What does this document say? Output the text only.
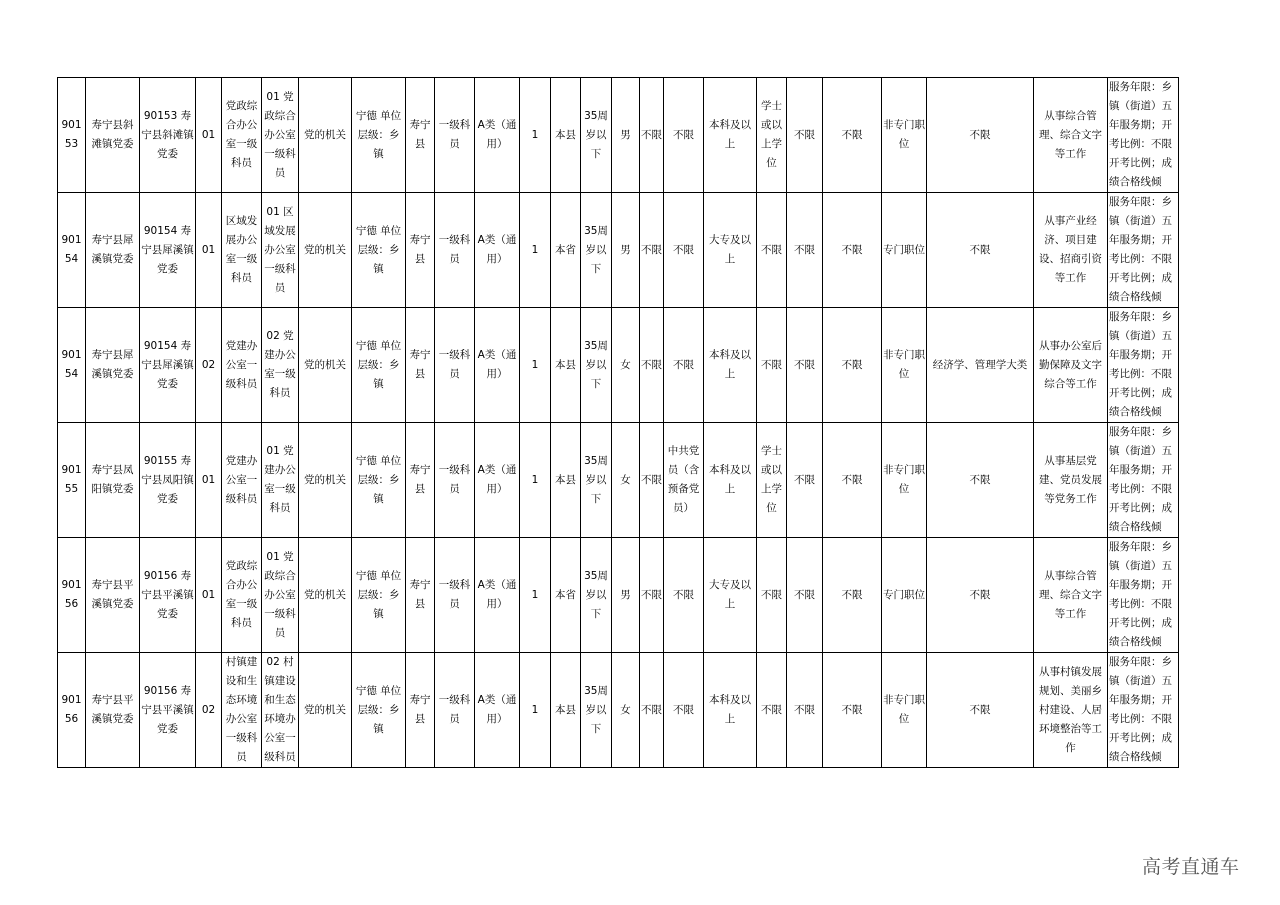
90153	寿宁县斜滩镇党委	90153 寿宁县斜滩镇党委	01	党政综合办公室一级科员	01 党政综合办公室一级科员	党的机关	宁德 单位层级：乡镇	寿宁县	一级科员	A类（通用）	1	本县	35周岁以下	男	不限	不限	本科及以上	学士或以上学位	不限	不限	非专门职位	不限	从事综合管理、综合文字等工作	服务年限：乡镇（街道）五年服务期；开考比例：不限开考比例；成绩合格线倾
90154	寿宁县犀溪镇党委	90154 寿宁县犀溪镇党委	01	区域发展办公室一级科员	01 区域发展办公室一级科员	党的机关	宁德 单位层级：乡镇	寿宁县	一级科员	A类（通用）	1	本省	35周岁以下	男	不限	不限	大专及以上	不限	不限	不限	专门职位	不限	从事产业经济、项目建设、招商引资等工作	服务年限：乡镇（街道）五年服务期；开考比例：不限开考比例；成绩合格线倾
90154	寿宁县犀溪镇党委	90154 寿宁县犀溪镇党委	02	党建办公室一级科员	02 党建办公室一级科员	党的机关	宁德 单位层级：乡镇	寿宁县	一级科员	A类（通用）	1	本县	35周岁以下	女	不限	不限	本科及以上	不限	不限	不限	非专门职位	经济学、管理学大类	从事办公室后勤保障及文字综合等工作	服务年限：乡镇（街道）五年服务期；开考比例：不限开考比例；成绩合格线倾
90155	寿宁县凤阳镇党委	90155 寿宁县凤阳镇党委	01	党建办公室一级科员	01 党建办公室一级科员	党的机关	宁德 单位层级：乡镇	寿宁县	一级科员	A类（通用）	1	本县	35周岁以下	女	不限	中共党员（含预备党员）	本科及以上	学士或以上学位	不限	不限	非专门职位	不限	从事基层党建、党员发展等党务工作	服务年限：乡镇（街道）五年服务期；开考比例：不限开考比例；成绩合格线倾
90156	寿宁县平溪镇党委	90156 寿宁县平溪镇党委	01	党政综合办公室一级科员	01 党政综合办公室一级科员	党的机关	宁德 单位层级：乡镇	寿宁县	一级科员	A类（通用）	1	本省	35周岁以下	男	不限	不限	大专及以上	不限	不限	不限	专门职位	不限	从事综合管理、综合文字等工作	服务年限：乡镇（街道）五年服务期；开考比例：不限开考比例；成绩合格线倾
90156	寿宁县平溪镇党委	90156 寿宁县平溪镇党委	02	村镇建设和生态环境办公室一级科员	02 村镇建设和生态环境办公室一级科员	党的机关	宁德 单位层级：乡镇	寿宁县	一级科员	A类（通用）	1	本县	35周岁以下	女	不限	不限	本科及以上	不限	不限	不限	非专门职位	不限	从事村镇发展规划、美丽乡村建设、人居环境整治等工作	服务年限：乡镇（街道）五年服务期；开考比例：不限开考比例；成绩合格线倾
高考直通车
